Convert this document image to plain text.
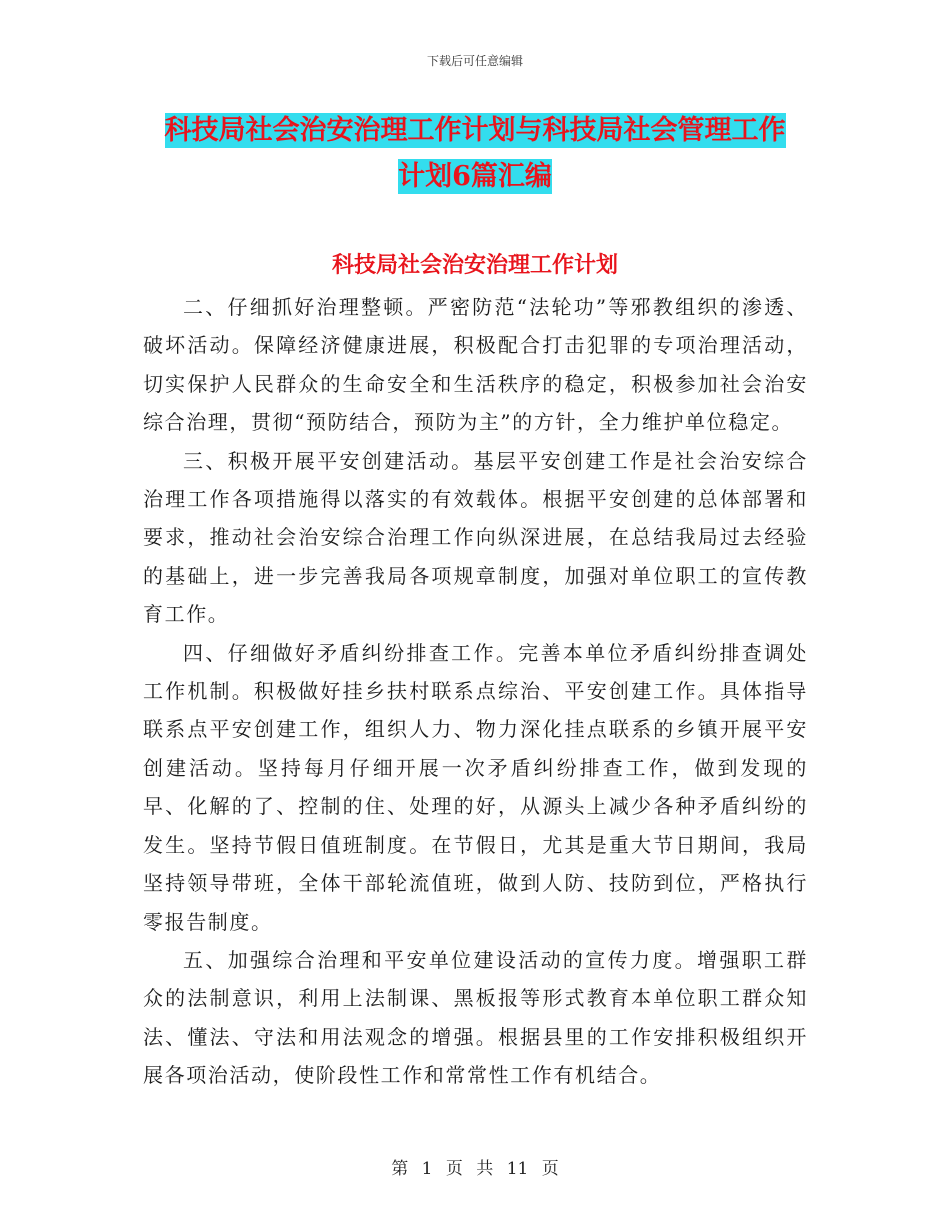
下载后可任意编辑
科技局社会治安治理工作计划与科技局社会管理工作
计划6篇汇编
科技局社会治安治理工作计划

二、仔细抓好治理整顿。严密防范“法轮功”等邪教组织的渗透、破坏活动。保障经济健康进展，积极配合打击犯罪的专项治理活动，切实保护人民群众的生命安全和生活秩序的稳定，积极参加社会治安综合治理，贯彻“预防结合，预防为主”的方针，全力维护单位稳定。

三、积极开展平安创建活动。基层平安创建工作是社会治安综合治理工作各项措施得以落实的有效载体。根据平安创建的总体部署和要求，推动社会治安综合治理工作向纵深进展，在总结我局过去经验的基础上，进一步完善我局各项规章制度，加强对单位职工的宣传教育工作。

四、仔细做好矛盾纠纷排查工作。完善本单位矛盾纠纷排查调处工作机制。积极做好挂乡扶村联系点综治、平安创建工作。具体指导联系点平安创建工作，组织人力、物力深化挂点联系的乡镇开展平安创建活动。坚持每月仔细开展一次矛盾纠纷排查工作，做到发现的早、化解的了、控制的住、处理的好，从源头上减少各种矛盾纠纷的发生。坚持节假日值班制度。在节假日，尤其是重大节日期间，我局坚持领导带班，全体干部轮流值班，做到人防、技防到位，严格执行零报告制度。

五、加强综合治理和平安单位建设活动的宣传力度。增强职工群众的法制意识，利用上法制课、黑板报等形式教育本单位职工群众知法、懂法、守法和用法观念的增强。根据县里的工作安排积极组织开展各项治活动，使阶段性工作和常常性工作有机结合。

第 1 页 共 11 页
